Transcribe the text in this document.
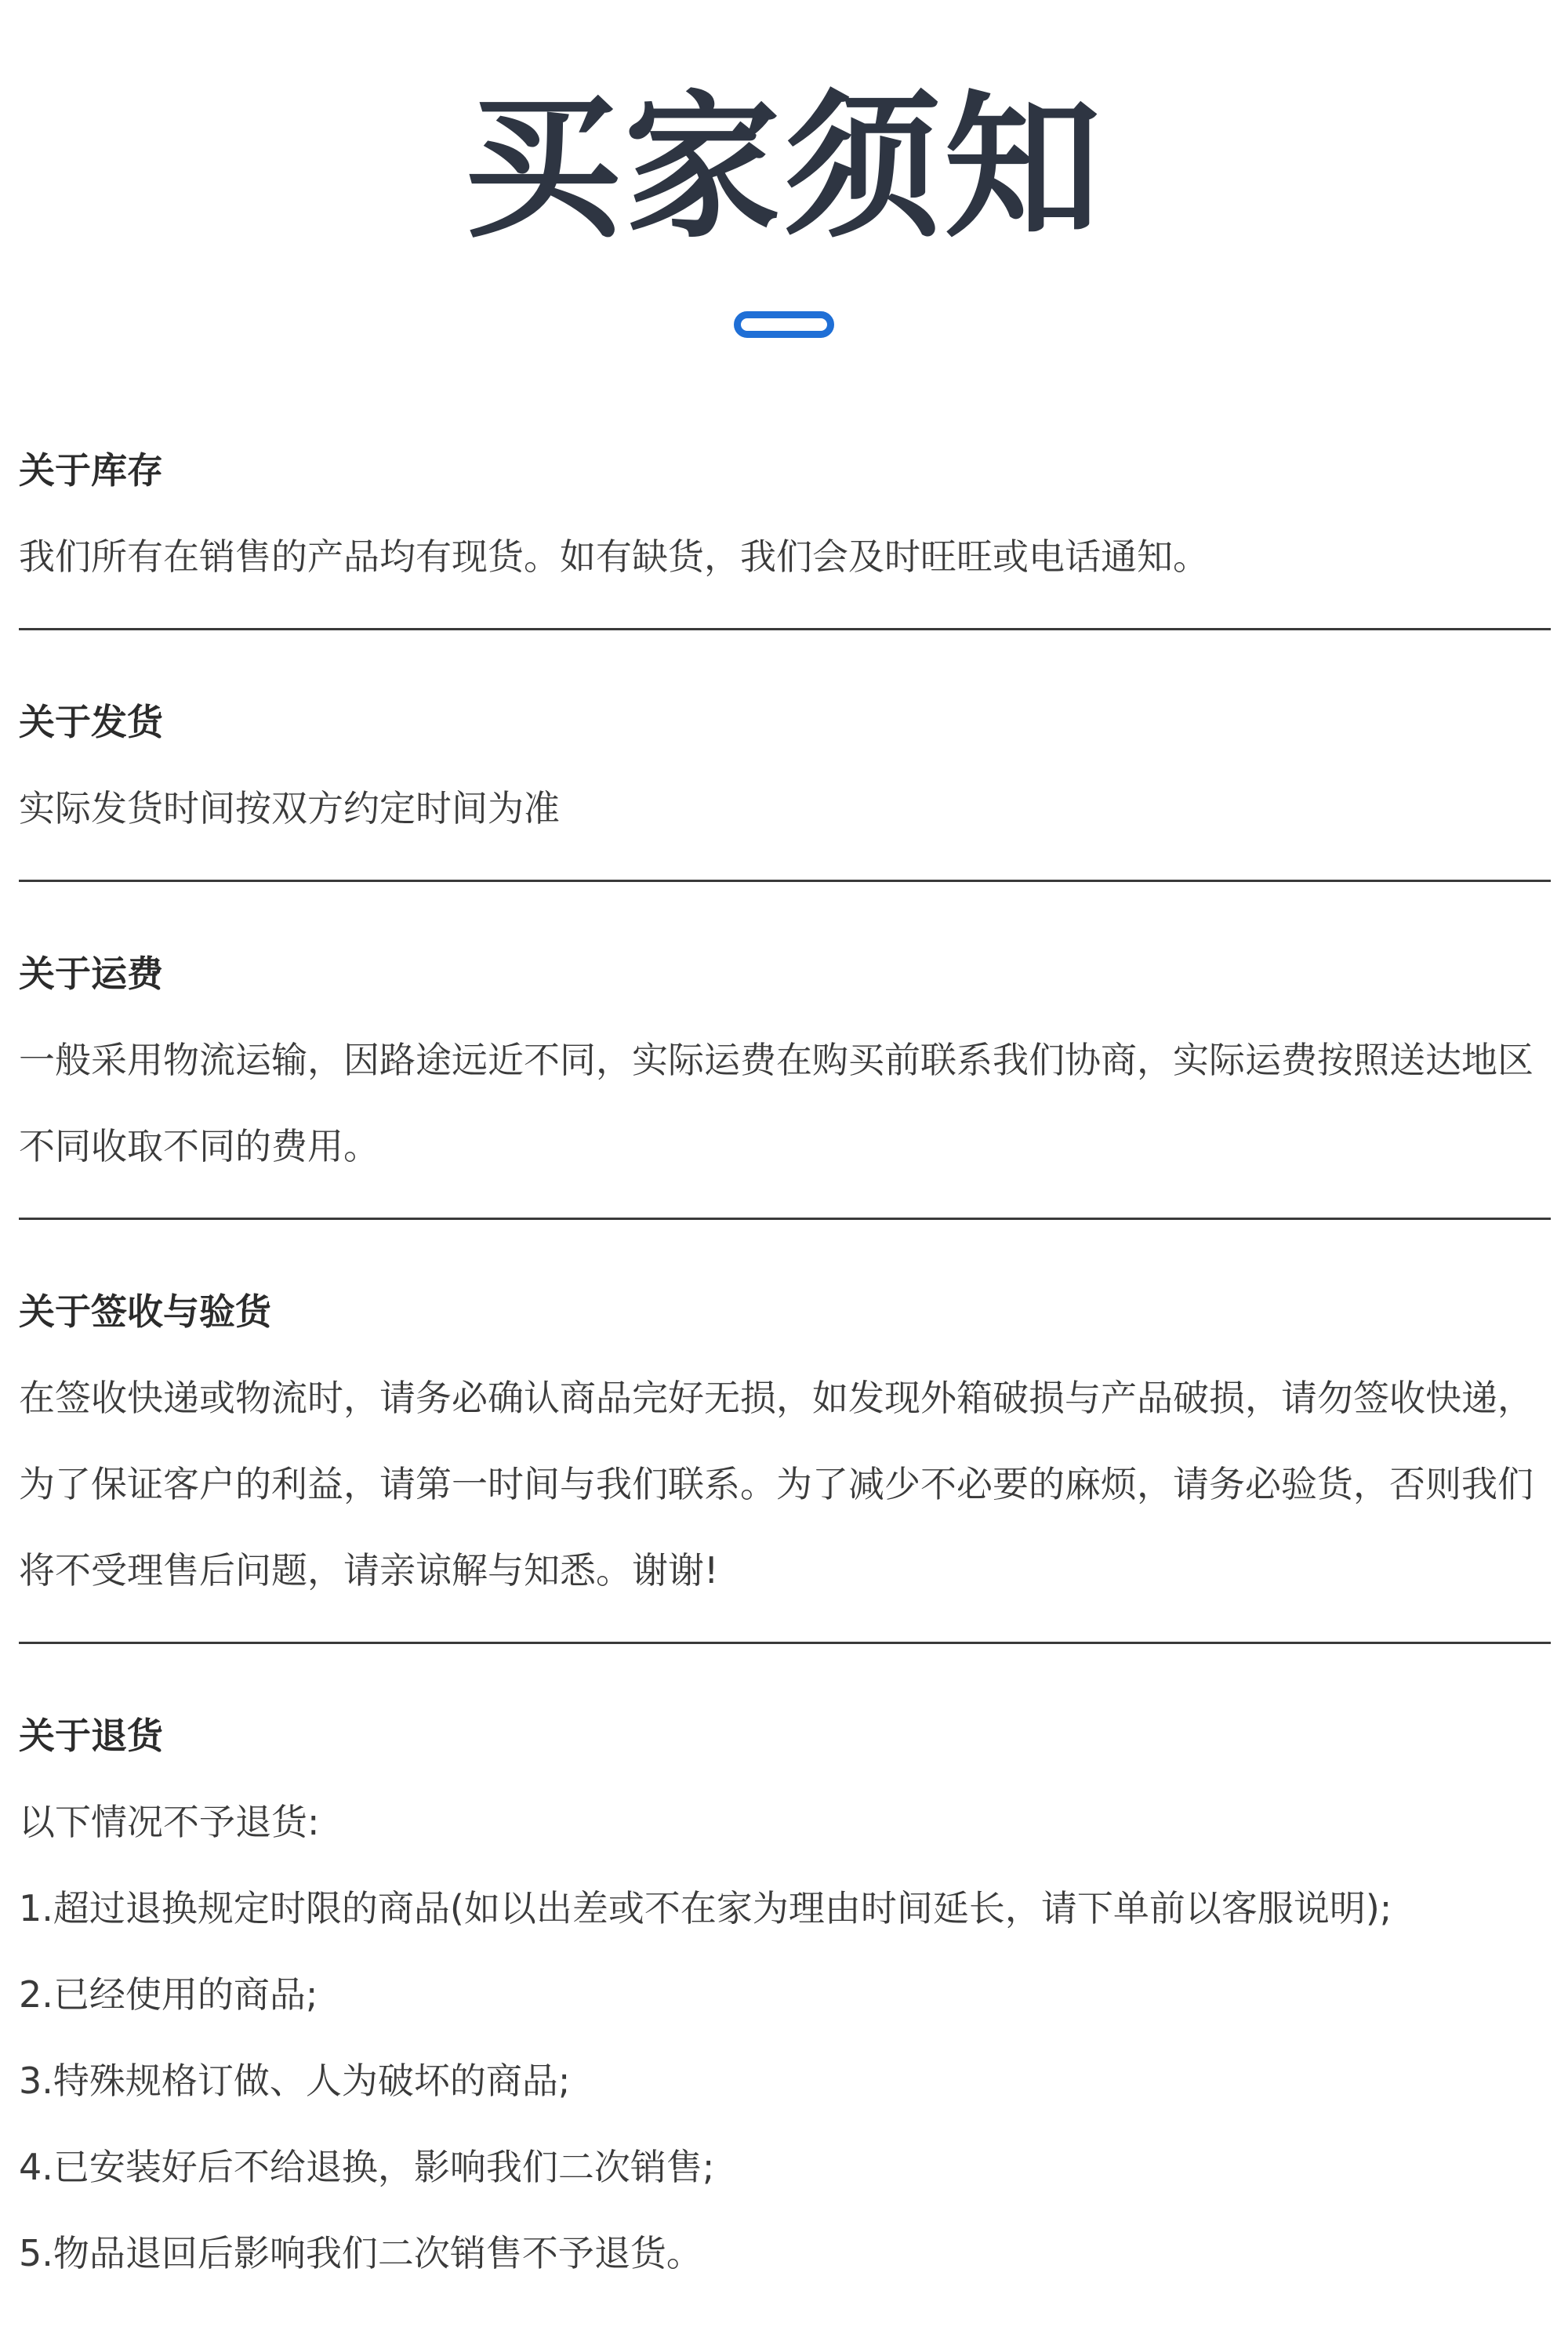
买家须知
关于库存

我们所有在销售的产品均有现货。如有缺货，我们会及时旺旺或电话通知。

关于发货

实际发货时间按双方约定时间为准

关于运费

一般采用物流运输，因路途远近不同，实际运费在购买前联系我们协商，实际运费按照送达地区不同收取不同的费用。

关于签收与验货

在签收快递或物流时，请务必确认商品完好无损，如发现外箱破损与产品破损，请勿签收快递，为了保证客户的利益，请第一时间与我们联系。为了减少不必要的麻烦，请务必验货，否则我们将不受理售后问题，请亲谅解与知悉。谢谢!

关于退货

以下情况不予退货:

1.超过退换规定时限的商品(如以出差或不在家为理由时间延长，请下单前以客服说明);

2.已经使用的商品;

3.特殊规格订做、人为破坏的商品;

4.已安装好后不给退换，影响我们二次销售;

5.物品退回后影响我们二次销售不予退货。
